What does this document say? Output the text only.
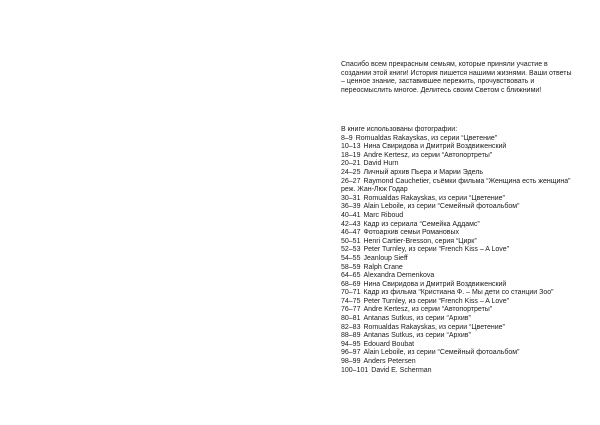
Спасибо всем прекрасным семьям, которые приняли участие в создании этой книги! История пишется нашими жизнями. Ваши ответы – ценное знание, заставившее пережить, прочувствовать и переосмыслить многое. Делитесь своим Светом с ближними!

В книге использованы фотографии:

8–9 Romualdas Rakayskas, из серии “Цветение”
10–13 Нина Свиридова и Дмитрий Воздвиженский
18–19 Andre Kertesz, из серии “Автопортреты”
20–21 David Hurn
24–25 Личный архив Пьера и Марии Эдель
26–27 Raymond Cauchetier, съёмки фильма “Женщина есть женщина” реж. Жан-Люк Годар
30–31 Romualdas Rakayskas, из серии “Цветение”
36–39 Alain Leboile, из серии “Семейный фотоальбом”
40–41 Marc Riboud
42–43 Кадр из сериала “Семейка Аддамс”
46–47 Фотоархив семьи Романовых
50–51 Henri Cartier-Bresson, серия “Цирк”
52–53 Peter Turnley, из серии “French Kiss – A Love”
54–55 Jeanloup Sieff
58–59 Ralph Crane
64–65 Alexandra Demenkova
68–69 Нина Свиридова и Дмитрий Воздвиженский
70–71 Кадр из фильма “Кристиана Ф. – Мы дети со станции Зоо”
74–75 Peter Turnley, из серии “French Kiss – A Love”
76–77 Andre Kertesz, из серии “Автопортреты”
80–81 Antanas Sutkus, из серии “Архив”
82–83 Romualdas Rakayskas, из серии “Цветение”
88–89 Antanas Sutkus, из серии “Архив”
94–95 Edouard Boubat
96–97 Alain Leboile, из серии “Семейный фотоальбом”
98–99 Anders Petersen
100–101 David E. Scherman
